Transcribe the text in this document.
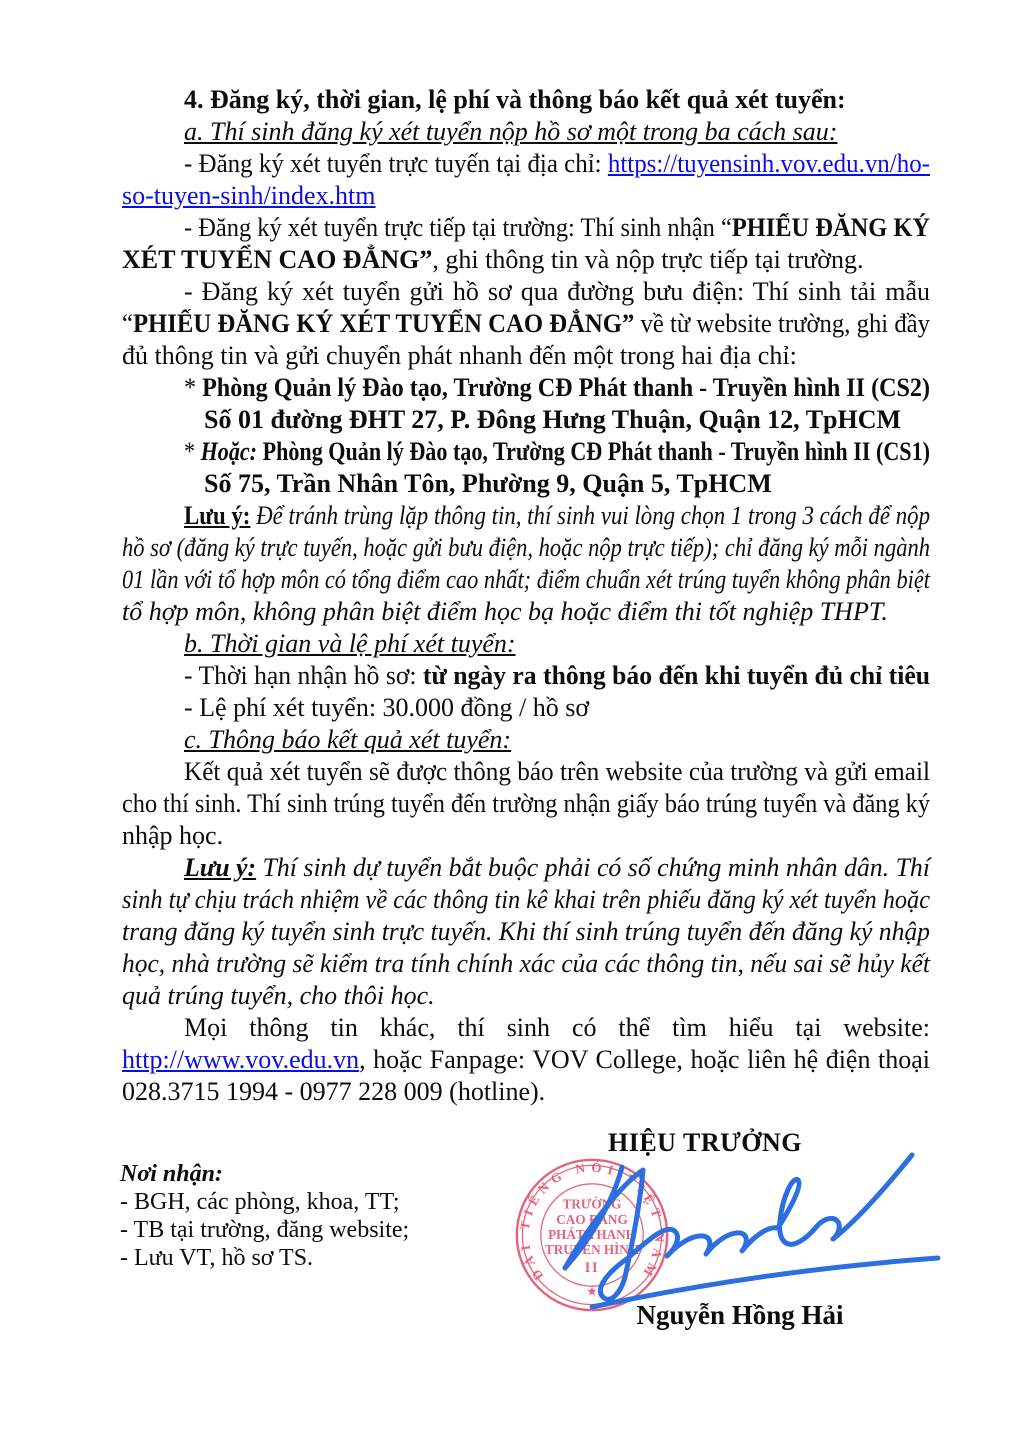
4. Đăng ký, thời gian, lệ phí và thông báo kết quả xét tuyển:
a. Thí sinh đăng ký xét tuyển nộp hồ sơ một trong ba cách sau:
- Đăng ký xét tuyển trực tuyến tại địa chỉ: https://tuyensinh.vov.edu.vn/ho-
so-tuyen-sinh/index.htm
- Đăng ký xét tuyển trực tiếp tại trường: Thí sinh nhận “PHIẾU ĐĂNG KÝ
XÉT TUYỂN CAO ĐẲNG”, ghi thông tin và nộp trực tiếp tại trường.
- Đăng ký xét tuyển gửi hồ sơ qua đường bưu điện: Thí sinh tải mẫu
“PHIẾU ĐĂNG KÝ XÉT TUYỂN CAO ĐẲNG” về từ website trường, ghi đầy
đủ thông tin và gửi chuyển phát nhanh đến một trong hai địa chỉ:
* Phòng Quản lý Đào tạo, Trường CĐ Phát thanh - Truyền hình II (CS2)
Số 01 đường ĐHT 27, P. Đông Hưng Thuận, Quận 12, TpHCM
* Hoặc: Phòng Quản lý Đào tạo, Trường CĐ Phát thanh - Truyền hình II (CS1)
Số 75, Trần Nhân Tôn, Phường 9, Quận 5, TpHCM
Lưu ý: Để tránh trùng lặp thông tin, thí sinh vui lòng chọn 1 trong 3 cách để nộp
hồ sơ (đăng ký trực tuyến, hoặc gửi bưu điện, hoặc nộp trực tiếp); chỉ đăng ký mỗi ngành
01 lần với tổ hợp môn có tổng điểm cao nhất; điểm chuẩn xét trúng tuyển không phân biệt
tổ hợp môn, không phân biệt điểm học bạ hoặc điểm thi tốt nghiệp THPT.
b. Thời gian và lệ phí xét tuyển:
- Thời hạn nhận hồ sơ: từ ngày ra thông báo đến khi tuyển đủ chỉ tiêu
- Lệ phí xét tuyển: 30.000 đồng / hồ sơ
c. Thông báo kết quả xét tuyển:
Kết quả xét tuyển sẽ được thông báo trên website của trường và gửi email
cho thí sinh. Thí sinh trúng tuyển đến trường nhận giấy báo trúng tuyển và đăng ký
nhập học.
Lưu ý: Thí sinh dự tuyển bắt buộc phải có số chứng minh nhân dân. Thí
sinh tự chịu trách nhiệm về các thông tin kê khai trên phiếu đăng ký xét tuyển hoặc
trang đăng ký tuyển sinh trực tuyến. Khi thí sinh trúng tuyển đến đăng ký nhập
học, nhà trường sẽ kiểm tra tính chính xác của các thông tin, nếu sai sẽ hủy kết
quả trúng tuyển, cho thôi học.
Mọi thông tin khác, thí sinh có thể tìm hiểu tại website:
http://www.vov.edu.vn, hoặc Fanpage: VOV College, hoặc liên hệ điện thoại
028.3715 1994 - 0977 228 009 (hotline).
HIỆU TRƯỞNG
Nơi nhận:
- BGH, các phòng, khoa, TT;
- TB tại trường, đăng website;
- Lưu VT, hồ sơ TS.
ĐÀI TIẾNG NÓI VIỆT NAM
TRƯỜNG
CAO ĐẲNG
PHÁT THANH
TRUYỀN HÌNH
II
★
Nguyễn Hồng Hải
